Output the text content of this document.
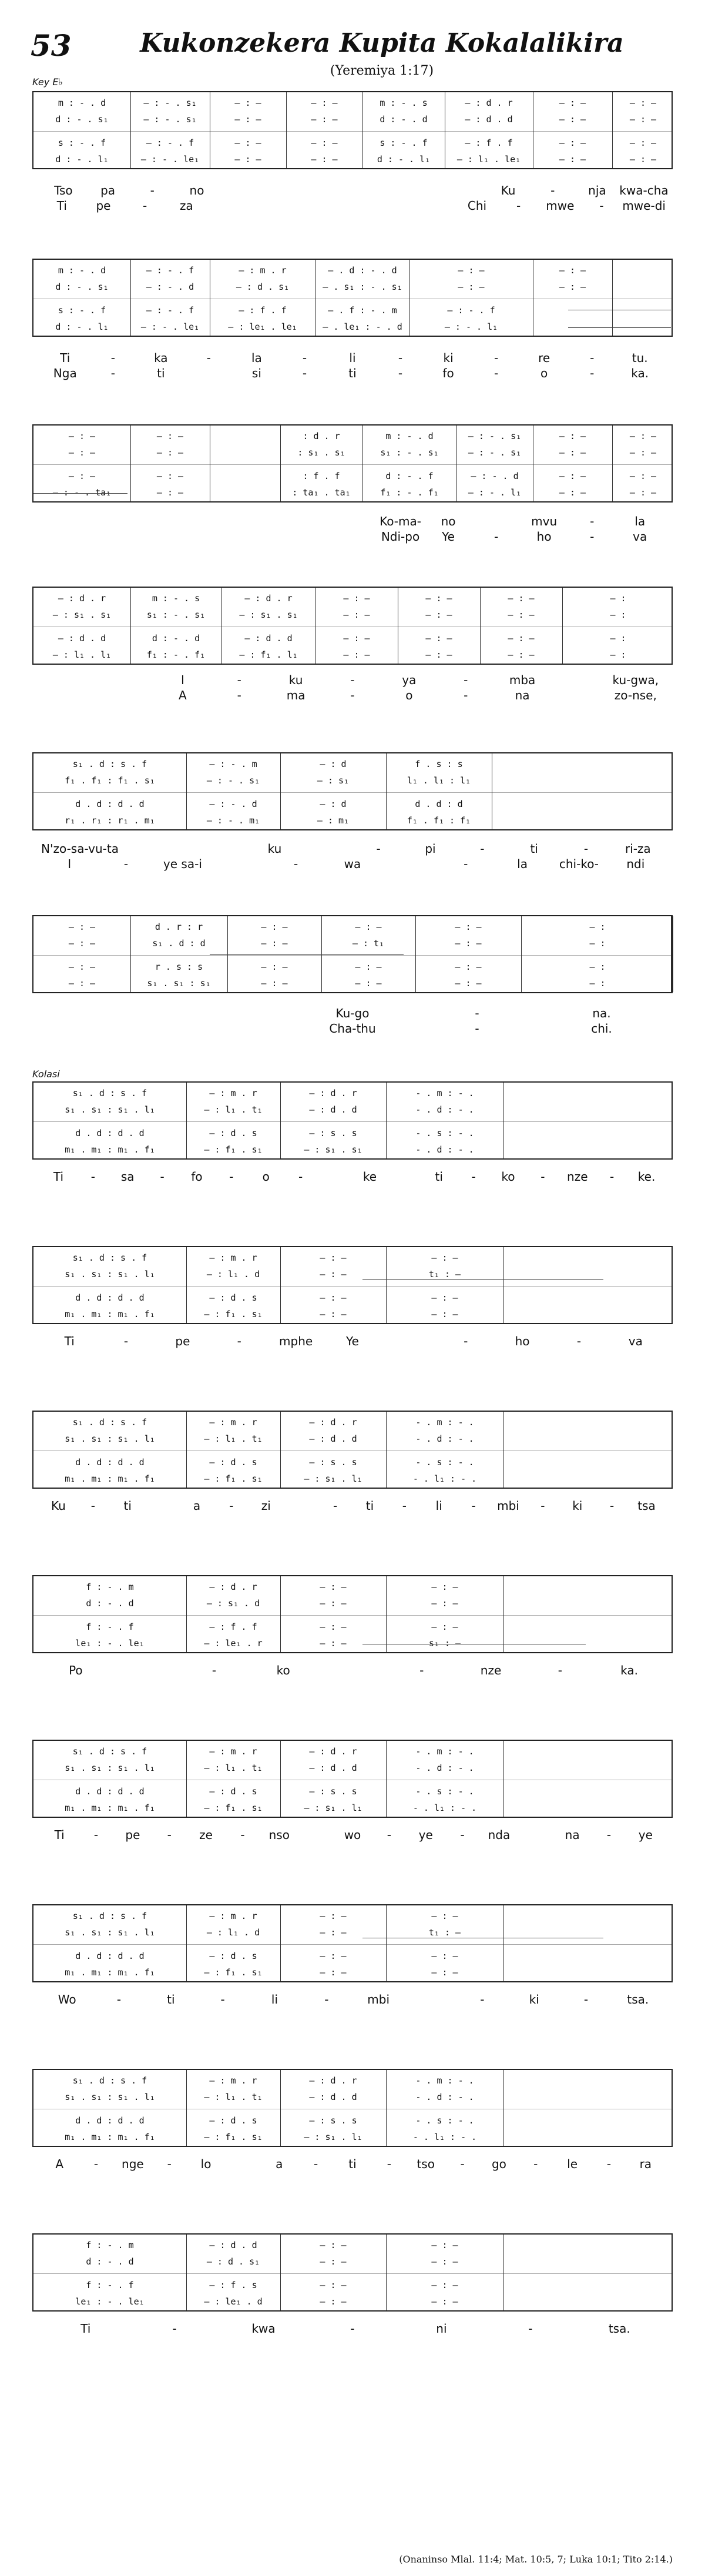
53	Kukonzekera Kupita Kokalalikira
(Yeremiya 1:17)
Key E♭
Kolasi
m : - . d	— : - . s₁	— : —	— : —	m : - . s	— : d . r	— : —	— : —
d : - . s₁	— : - . s₁	— : —	— : —	d : - . d	— : d . d	— : —	— : —
s : - . f	— : - . f	— : —	— : —	s : - . f	— : f . f	— : —	— : —
d : - . l₁	— : - . le₁	— : —	— : —	d : - . l₁	— : l₁ . le₁	— : —	— : —
Tso	pa	-	no	Ku	-	nja	kwa-cha
Ti	pe	-	za	Chi	-	mwe	-	mwe-di
m : - . d	— : - . f	— : m . r	— . d : - . d	— : —	— : —
d : - . s₁	— : - . d	— : d . s₁	— . s₁ : - . s₁	— : —	— : —
s : - . f	— : - . f	— : f . f	— . f : - . m	— : - . f
d : - . l₁	— : - . le₁	— : le₁ . le₁	— . le₁ : - . d	— : - . l₁
Ti	-	ka	-	la	-	li	-	ki	-	re	-	tu.
Nga	-	ti	si	-	ti	-	fo	-	o	-	ka.
— : —	— : —	: d . r	m : - . d	— : - . s₁	— : —	— : —
— : —	— : —	: s₁ . s₁	s₁ : - . s₁	— : - . s₁	— : —	— : —
— : —	— : —	: f . f	d : - . f	— : - . d	— : —	— : —
— : - . ta₁	— : —	: ta₁ . ta₁	f₁ : - . f₁	— : - . l₁	— : —	— : —
Ko-ma-	no	mvu	-	la
Ndi-po	Ye	-	ho	-	va
— : d . r	m : - . s	— : d . r	— : —	— : —	— : —	— :
— : s₁ . s₁	s₁ : - . s₁	— : s₁ . s₁	— : —	— : —	— : —	— :
— : d . d	d : - . d	— : d . d	— : —	— : —	— : —	— :
— : l₁ . l₁	f₁ : - . f₁	— : f₁ . l₁	— : —	— : —	— : —	— :
I	-	ku	-	ya	-	mba	ku-gwa,
A	-	ma	-	o	-	na	zo-nse,
s₁ . d : s . f	— : - . m	— : d	f . s : s
f₁ . f₁ : f₁ . s₁	— : - . s₁	— : s₁	l₁ . l₁ : l₁
d . d : d . d	— : - . d	— : d	d . d : d
r₁ . r₁ : r₁ . m₁	— : - . m₁	— : m₁	f₁ . f₁ : f₁
N'zo-sa-vu-ta	ku	-	pi	-	ti	-	ri-za
I	-	ye sa-i	-	wa	-	la	chi-ko-	ndi
— : —	d . r : r	— : —	— : —	— : —	— :
— : —	s₁ . d : d	— : —	— : t₁	— : —	— :
— : —	r . s : s	— : —	— : —	— : —	— :
— : —	s₁ . s₁ : s₁	— : —	— : —	— : —	— :
Ku-go	-	na.
Cha-thu	-	chi.
s₁ . d : s . f	— : m . r	— : d . r	- . m : - .
s₁ . s₁ : s₁ . l₁	— : l₁ . t₁	— : d . d	- . d : - .
d . d : d . d	— : d . s	— : s . s	- . s : - .
m₁ . m₁ : m₁ . f₁	— : f₁ . s₁	— : s₁ . s₁	- . d : - .
Ti	-	sa	-	fo	-	o	-	ke	ti	-	ko	-	nze	-	ke.
s₁ . d : s . f	— : m . r	— : —	— : —
s₁ . s₁ : s₁ . l₁	— : l₁ . d	— : —	t₁ : —
d . d : d . d	— : d . s	— : —	— : —
m₁ . m₁ : m₁ . f₁	— : f₁ . s₁	— : —	— : —
Ti	-	pe	-	mphe	Ye	-	ho	-	va
s₁ . d : s . f	— : m . r	— : d . r	- . m : - .
s₁ . s₁ : s₁ . l₁	— : l₁ . t₁	— : d . d	- . d : - .
d . d : d . d	— : d . s	— : s . s	- . s : - .
m₁ . m₁ : m₁ . f₁	— : f₁ . s₁	— : s₁ . l₁	- . l₁ : - .
Ku	-	ti	a	-	zi	-	ti	-	li	-	mbi	-	ki	-	tsa
f : - . m	— : d . r	— : —	— : —
d : - . d	— : s₁ . d	— : —	— : —
f : - . f	— : f . f	— : —	— : —
le₁ : - . le₁	— : le₁ . r	— : —	s₁ : —
Po	-	ko	-	nze	-	ka.
s₁ . d : s . f	— : m . r	— : d . r	- . m : - .
s₁ . s₁ : s₁ . l₁	— : l₁ . t₁	— : d . d	- . d : - .
d . d : d . d	— : d . s	— : s . s	- . s : - .
m₁ . m₁ : m₁ . f₁	— : f₁ . s₁	— : s₁ . l₁	- . l₁ : - .
Ti	-	pe	-	ze	-	nso	wo	-	ye	-	nda	na	-	ye
s₁ . d : s . f	— : m . r	— : —	— : —
s₁ . s₁ : s₁ . l₁	— : l₁ . d	— : —	t₁ : —
d . d : d . d	— : d . s	— : —	— : —
m₁ . m₁ : m₁ . f₁	— : f₁ . s₁	— : —	— : —
Wo	-	ti	-	li	-	mbi	-	ki	-	tsa.
s₁ . d : s . f	— : m . r	— : d . r	- . m : - .
s₁ . s₁ : s₁ . l₁	— : l₁ . t₁	— : d . d	- . d : - .
d . d : d . d	— : d . s	— : s . s	- . s : - .
m₁ . m₁ : m₁ . f₁	— : f₁ . s₁	— : s₁ . l₁	- . l₁ : - .
A	-	nge	-	lo	a	-	ti	-	tso	-	go	-	le	-	ra
f : - . m	— : d . d	— : —	— : —
d : - . d	— : d . s₁	— : —	— : —
f : - . f	— : f . s	— : —	— : —
le₁ : - . le₁	— : le₁ . d	— : —	— : —
Ti	-	kwa	-	ni	-	tsa.
(Onaninso Mlal. 11:4; Mat. 10:5, 7; Luka 10:1; Tito 2:14.)
